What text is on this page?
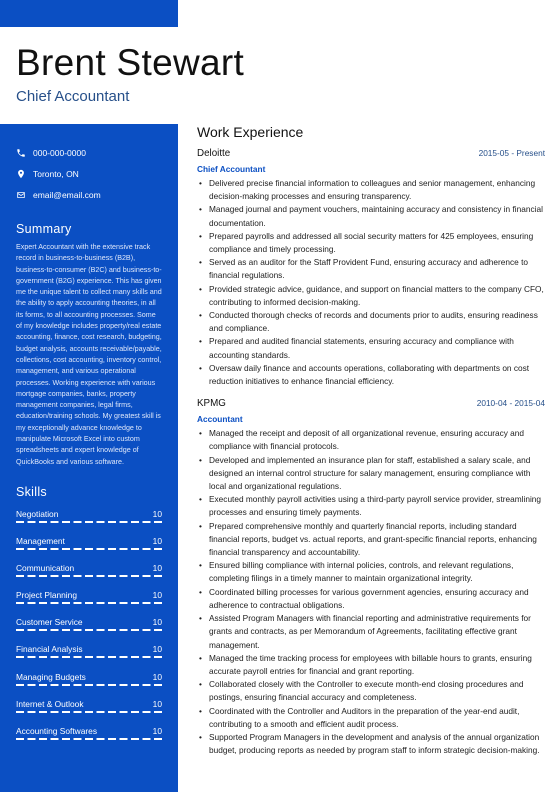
Brent Stewart
Chief Accountant
000-000-0000
Toronto, ON
email@email.com
Summary

Expert Accountant with the extensive track record in business-to-business (B2B), business-to-consumer (B2C) and business-to-government (B2G) experience. This has given me the unique talent to collect many skills and the ability to apply accounting theories, in all its forms, to all accounting processes. Some of my knowledge includes property/real estate accounting, finance, cost research, budgeting, budget analysis, accounts receivable/payable, collections, cost accounting, inventory control, management, and various operational processes. Working experience with various mortgage companies, banks, property management companies, legal firms, education/training schools. My greatest skill is my exceptionally advance knowledge to manipulate Microsoft Excel into custom spreadsheets and expert knowledge of QuickBooks and various software.

Skills
Negotiation	10
Management	10
Communication	10
Project Planning	10
Customer Service	10
Financial Analysis	10
Managing Budgets	10
Internet & Outlook	10
Accounting Softwares	10
Work Experience
Deloitte	2015-05 - Present
Chief Accountant
• Delivered precise financial information to colleagues and senior management, enhancing decision-making processes and ensuring transparency.
• Managed journal and payment vouchers, maintaining accuracy and consistency in financial documentation.
• Prepared payrolls and addressed all social security matters for 425 employees, ensuring compliance and timely processing.
• Served as an auditor for the Staff Provident Fund, ensuring accuracy and adherence to financial regulations.
• Provided strategic advice, guidance, and support on financial matters to the company CFO, contributing to informed decision-making.
• Conducted thorough checks of records and documents prior to audits, ensuring readiness and compliance.
• Prepared and audited financial statements, ensuring accuracy and compliance with accounting standards.
• Oversaw daily finance and accounts operations, collaborating with departments on cost reduction initiatives to enhance financial efficiency.
KPMG	2010-04 - 2015-04
Accountant
• Managed the receipt and deposit of all organizational revenue, ensuring accuracy and compliance with financial protocols.
• Developed and implemented an insurance plan for staff, established a salary scale, and designed an internal control structure for salary management, ensuring compliance with local and organizational regulations.
• Executed monthly payroll activities using a third-party payroll service provider, streamlining processes and ensuring timely payments.
• Prepared comprehensive monthly and quarterly financial reports, including standard financial reports, budget vs. actual reports, and grant-specific financial reports, enhancing financial transparency and accountability.
• Ensured billing compliance with internal policies, controls, and relevant regulations, completing filings in a timely manner to maintain organizational integrity.
• Coordinated billing processes for various government agencies, ensuring accuracy and adherence to contractual obligations.
• Assisted Program Managers with financial reporting and administrative requirements for grants and contracts, as per Memorandum of Agreements, facilitating effective grant management.
• Managed the time tracking process for employees with billable hours to grants, ensuring accurate payroll entries for financial and grant reporting.
• Collaborated closely with the Controller to execute month-end closing procedures and postings, ensuring financial accuracy and completeness.
• Coordinated with the Controller and Auditors in the preparation of the year-end audit, contributing to a smooth and efficient audit process.
• Supported Program Managers in the development and analysis of the annual organization budget, producing reports as needed by program staff to inform strategic decision-making.
